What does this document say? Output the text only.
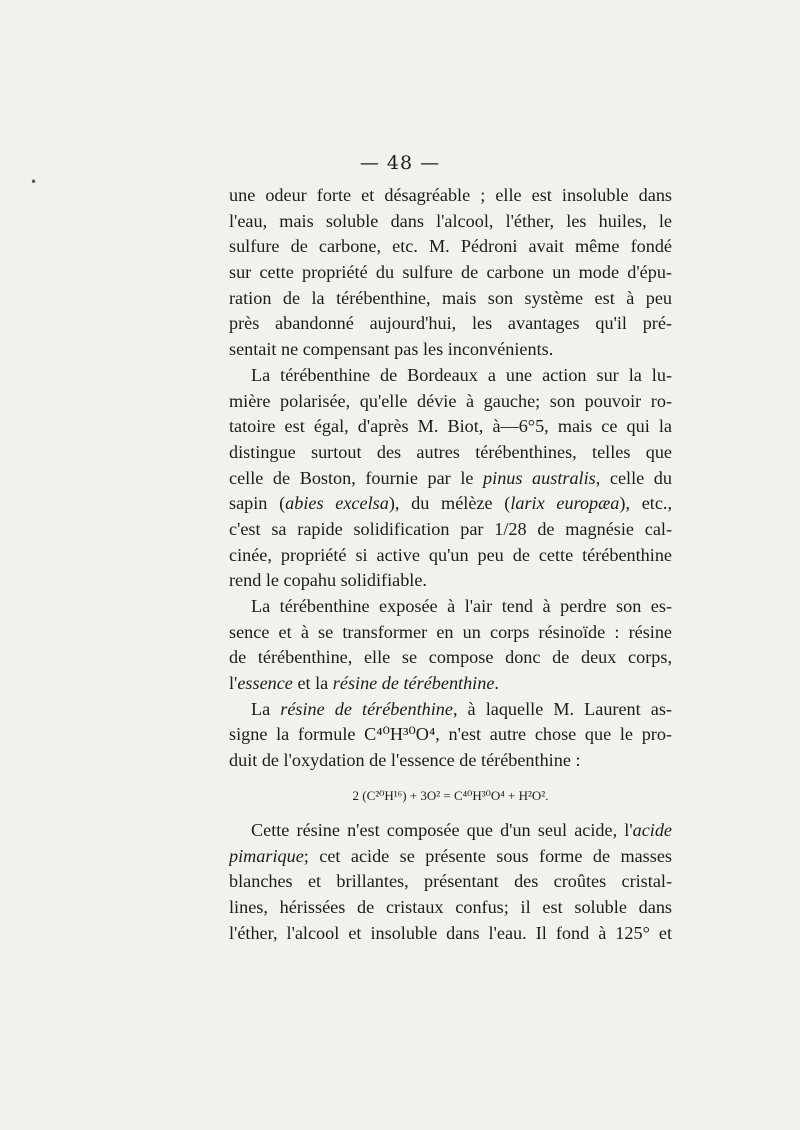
•
— 48 —
une odeur forte et désagréable ; elle est insoluble dans
l'eau, mais soluble dans l'alcool, l'éther, les huiles, le
sulfure de carbone, etc. M. Pédroni avait même fondé
sur cette propriété du sulfure de carbone un mode d'épu-
ration de la térébenthine, mais son système est à peu
près abandonné aujourd'hui, les avantages qu'il pré-
sentait ne compensant pas les inconvénients.
La térébenthine de Bordeaux a une action sur la lu-
mière polarisée, qu'elle dévie à gauche; son pouvoir ro-
tatoire est égal, d'après M. Biot, à—6°5, mais ce qui la
distingue surtout des autres térébenthines, telles que
celle de Boston, fournie par le pinus australis, celle du
sapin (abies excelsa), du mélèze (larix europæa), etc.,
c'est sa rapide solidification par 1/28 de magnésie cal-
cinée, propriété si active qu'un peu de cette térébenthine
rend le copahu solidifiable.
La térébenthine exposée à l'air tend à perdre son es-
sence et à se transformer en un corps résinoïde : résine
de térébenthine, elle se compose donc de deux corps,
l'essence et la résine de térébenthine.
La résine de térébenthine, à laquelle M. Laurent as-
signe la formule C⁴⁰H³⁰O⁴, n'est autre chose que le pro-
duit de l'oxydation de l'essence de térébenthine :
2 (C²⁰H¹⁶) + 3O² = C⁴⁰H³⁰O⁴ + H²O².
Cette résine n'est composée que d'un seul acide, l'acide
pimarique; cet acide se présente sous forme de masses
blanches et brillantes, présentant des croûtes cristal-
lines, hérissées de cristaux confus; il est soluble dans
l'éther, l'alcool et insoluble dans l'eau. Il fond à 125° et
